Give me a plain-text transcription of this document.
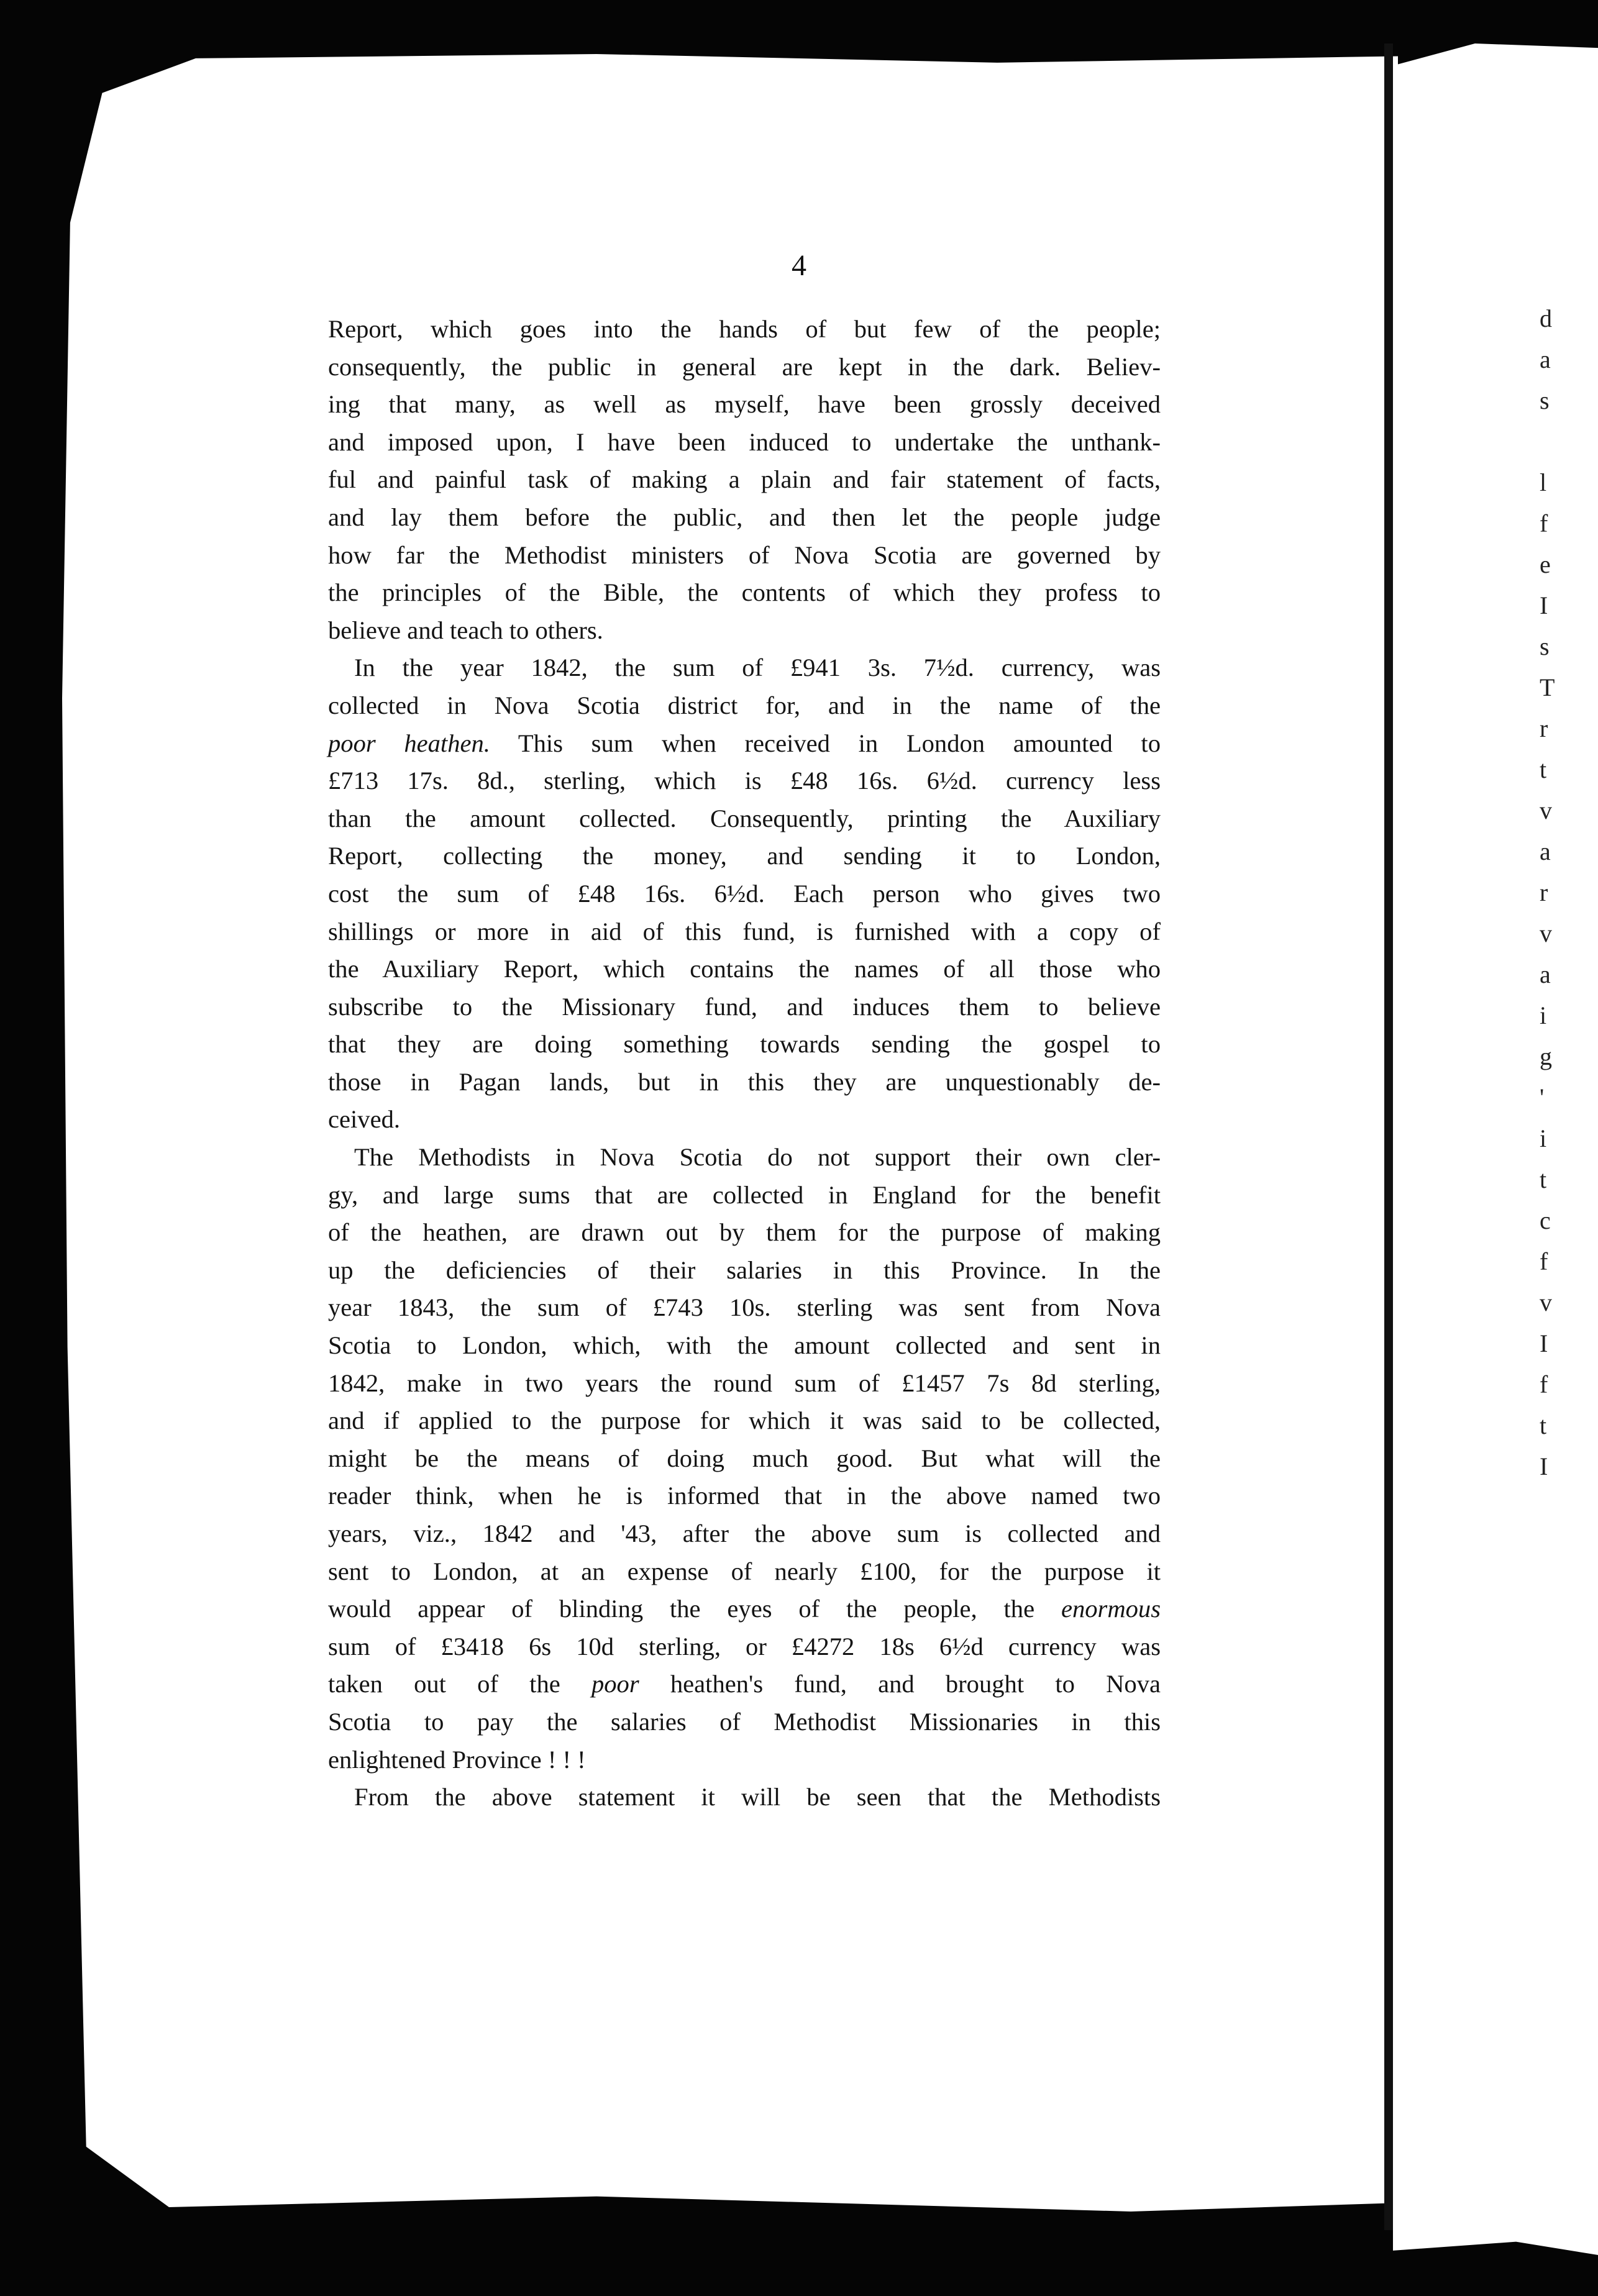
4

Report, which goes into the hands of but few of the people;
consequently, the public in general are kept in the dark. Believ-
ing that many, as well as myself, have been grossly deceived
and imposed upon, I have been induced to undertake the unthank-
ful and painful task of making a plain and fair statement of facts,
and lay them before the public, and then let the people judge
how far the Methodist ministers of Nova Scotia are governed by
the principles of the Bible, the contents of which they profess to
believe and teach to others.
In the year 1842, the sum of £941 3s. 7½d. currency, was
collected in Nova Scotia district for, and in the name of the
poor heathen. This sum when received in London amounted to
£713 17s. 8d., sterling, which is £48 16s. 6½d. currency less
than the amount collected. Consequently, printing the Auxiliary
Report, collecting the money, and sending it to London,
cost the sum of £48 16s. 6½d. Each person who gives two
shillings or more in aid of this fund, is furnished with a copy of
the Auxiliary Report, which contains the names of all those who
subscribe to the Missionary fund, and induces them to believe
that they are doing something towards sending the gospel to
those in Pagan lands, but in this they are unquestionably de-
ceived.
The Methodists in Nova Scotia do not support their own cler-
gy, and large sums that are collected in England for the benefit
of the heathen, are drawn out by them for the purpose of making
up the deficiencies of their salaries in this Province. In the
year 1843, the sum of £743 10s. sterling was sent from Nova
Scotia to London, which, with the amount collected and sent in
1842, make in two years the round sum of £1457 7s 8d sterling,
and if applied to the purpose for which it was said to be collected,
might be the means of doing much good. But what will the
reader think, when he is informed that in the above named two
years, viz., 1842 and '43, after the above sum is collected and
sent to London, at an expense of nearly £100, for the purpose it
would appear of blinding the eyes of the people, the enormous
sum of £3418 6s 10d sterling, or £4272 18s 6½d currency was
taken out of the poor heathen's fund, and brought to Nova
Scotia to pay the salaries of Methodist Missionaries in this
enlightened Province ! ! !
From the above statement it will be seen that the Methodists
d
a
s
l
f
e
I
s
T
r
t
v
a
r
v
a
i
g
'
i
t
c
f
v
I
f
t
I
